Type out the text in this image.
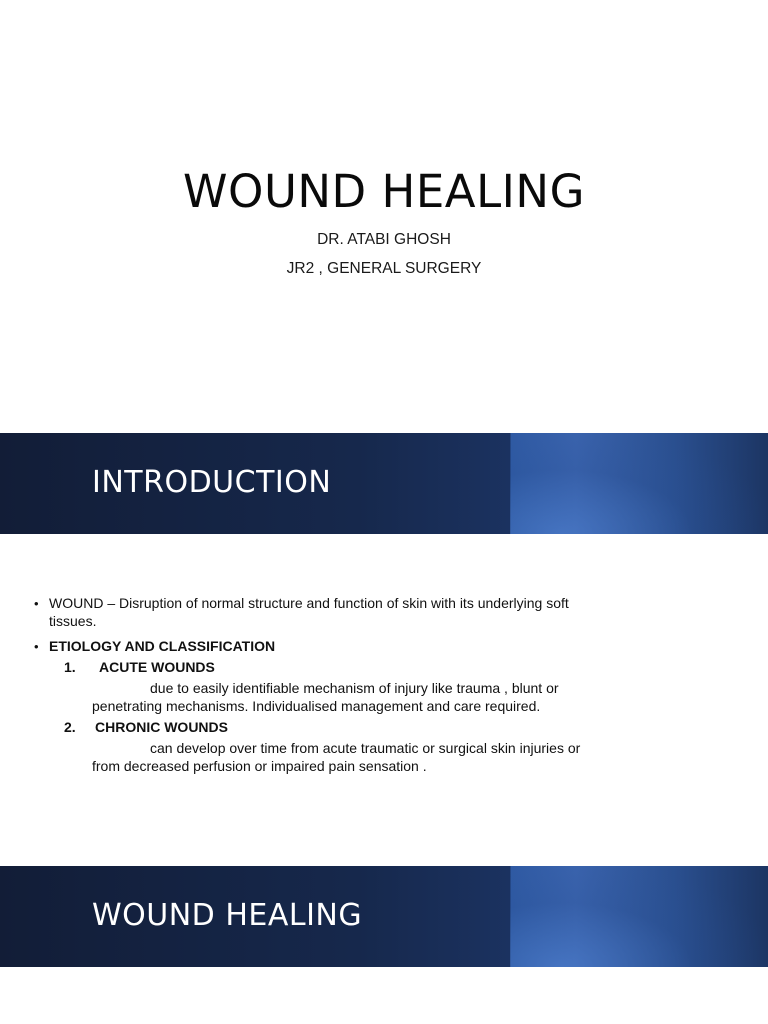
WOUND HEALING
DR. ATABI GHOSH
JR2 , GENERAL SURGERY
INTRODUCTION
• WOUND – Disruption of normal structure and function of skin with its underlying soft tissues.
• ETIOLOGY AND CLASSIFICATION
1. ACUTE WOUNDS
due to easily identifiable mechanism of injury like trauma , blunt or penetrating mechanisms. Individualised management and care required.
2. CHRONIC WOUNDS
can develop over time from acute traumatic or surgical skin injuries or from decreased perfusion or impaired pain sensation .
WOUND HEALING
